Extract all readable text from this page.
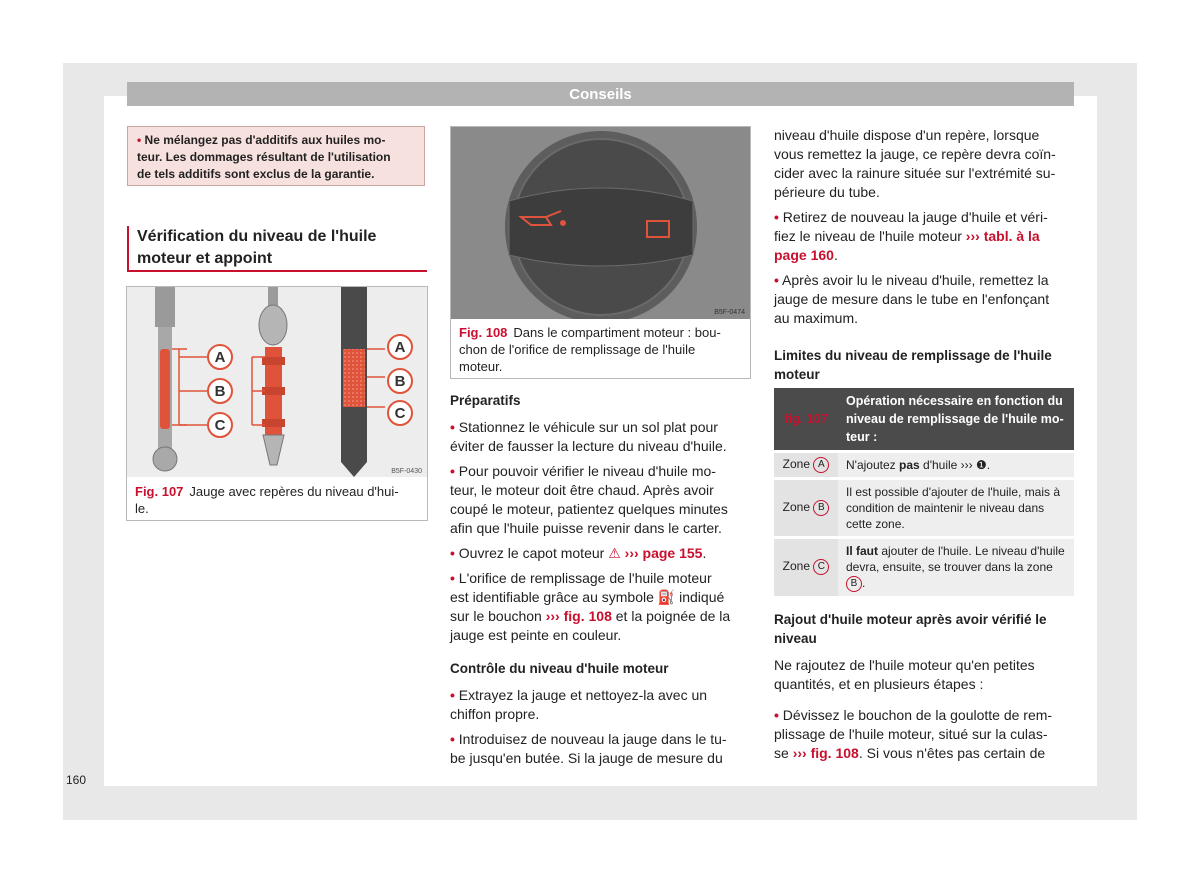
Conseils
• Ne mélangez pas d'additifs aux huiles mo-
teur. Les dommages résultant de l'utilisation
de tels additifs sont exclus de la garantie.
Vérification du niveau de l'huile
moteur et appoint
A
B
C
A
B
C
B5F-0430
Fig. 107 Jauge avec repères du niveau d'hui-
le.
B5F-0474
Fig. 108 Dans le compartiment moteur : bou-
chon de l'orifice de remplissage de l'huile
moteur.
Préparatifs

• Stationnez le véhicule sur un sol plat pour
éviter de fausser la lecture du niveau d'huile.

• Pour pouvoir vérifier le niveau d'huile mo-
teur, le moteur doit être chaud. Après avoir
coupé le moteur, patientez quelques minutes
afin que l'huile puisse revenir dans le carter.

• Ouvrez le capot moteur ⚠ ››› page 155.

• L'orifice de remplissage de l'huile moteur
est identifiable grâce au symbole ⛽ indiqué
sur le bouchon ››› fig. 108 et la poignée de la
jauge est peinte en couleur.

Contrôle du niveau d'huile moteur

• Extrayez la jauge et nettoyez-la avec un
chiffon propre.

• Introduisez de nouveau la jauge dans le tu-
be jusqu'en butée. Si la jauge de mesure du

niveau d'huile dispose d'un repère, lorsque
vous remettez la jauge, ce repère devra coïn-
cider avec la rainure située sur l'extrémité su-
périeure du tube.

• Retirez de nouveau la jauge d'huile et véri-
fiez le niveau de l'huile moteur ››› tabl. à la
page 160.

• Après avoir lu le niveau d'huile, remettez la
jauge de mesure dans le tube en l'enfonçant
au maximum.

Limites du niveau de remplissage de l'huile
moteur
fig. 107	Opération nécessaire en fonction du niveau de remplissage de l'huile mo-teur :
Zone A	N'ajoutez pas d'huile ››› ❶.
Zone B	Il est possible d'ajouter de l'huile, mais à condition de maintenir le niveau dans cette zone.
Zone C	Il faut ajouter de l'huile. Le niveau d'huile devra, ensuite, se trouver dans la zone B .
Rajout d'huile moteur après avoir vérifié le
niveau

Ne rajoutez de l'huile moteur qu'en petites
quantités, et en plusieurs étapes :

• Dévissez le bouchon de la goulotte de rem-
plissage de l'huile moteur, situé sur la culas-
se ››› fig. 108. Si vous n'êtes pas certain de

160
